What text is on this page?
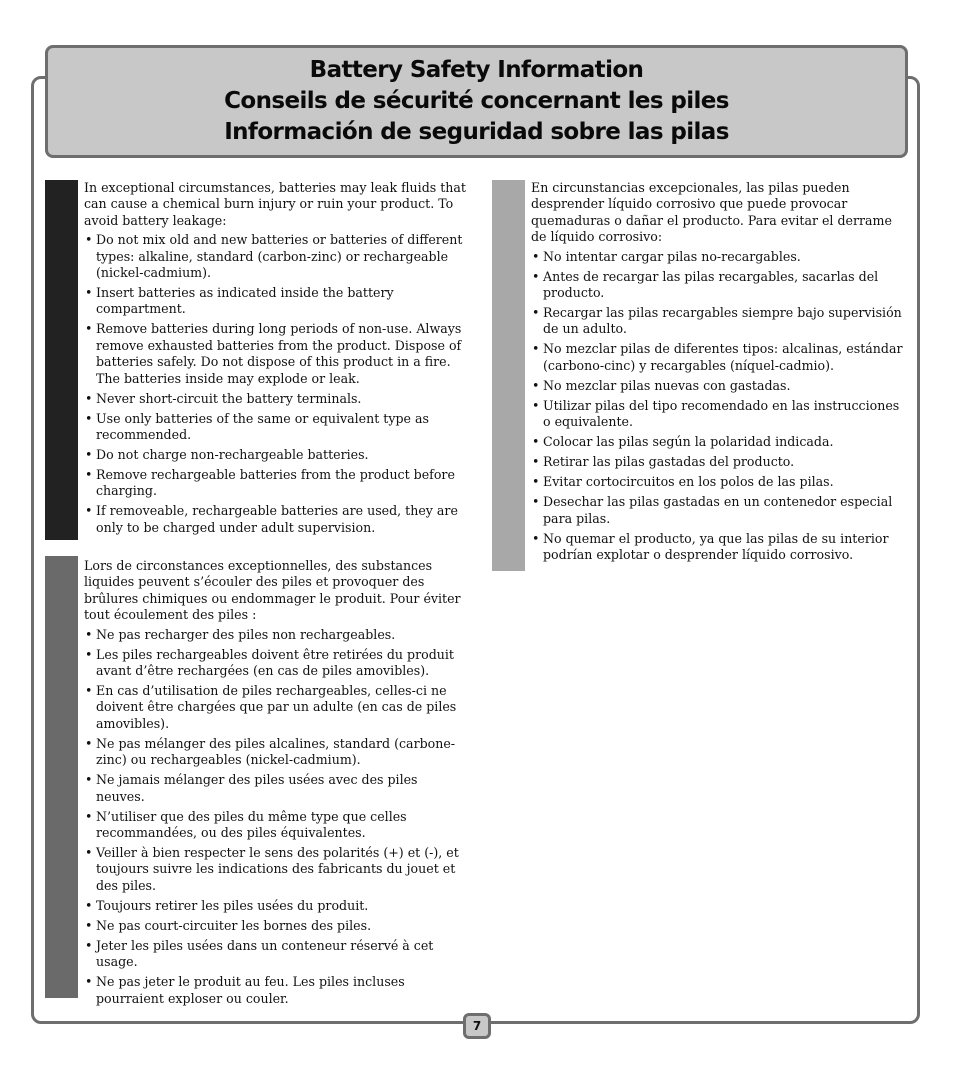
Battery Safety Information
Conseils de sécurité concernant les piles
Información de seguridad sobre las pilas

In exceptional circumstances, batteries may leak fluids that can cause a chemical burn injury or ruin your product. To avoid battery leakage:

• Do not mix old and new batteries or batteries of different types: alkaline, standard (carbon-zinc) or rechargeable (nickel-cadmium).
• Insert batteries as indicated inside the battery compartment.
• Remove batteries during long periods of non-use. Always remove exhausted batteries from the product. Dispose of batteries safely. Do not dispose of this product in a fire. The batteries inside may explode or leak.
• Never short-circuit the battery terminals.
• Use only batteries of the same or equivalent type as recommended.
• Do not charge non-rechargeable batteries.
• Remove rechargeable batteries from the product before charging.
• If removeable, rechargeable batteries are used, they are only to be charged under adult supervision.

Lors de circonstances exceptionnelles, des substances liquides peuvent s’écouler des piles et provoquer des brûlures chimiques ou endommager le produit. Pour éviter tout écoulement des piles :

• Ne pas recharger des piles non rechargeables.
• Les piles rechargeables doivent être retirées du produit avant d’être rechargées (en cas de piles amovibles).
• En cas d’utilisation de piles rechargeables, celles-ci ne doivent être chargées que par un adulte (en cas de piles amovibles).
• Ne pas mélanger des piles alcalines, standard (carbone-zinc) ou rechargeables (nickel-cadmium).
• Ne jamais mélanger des piles usées avec des piles neuves.
• N’utiliser que des piles du même type que celles recommandées, ou des piles équivalentes.
• Veiller à bien respecter le sens des polarités (+) et (-), et toujours suivre les indications des fabricants du jouet et des piles.
• Toujours retirer les piles usées du produit.
• Ne pas court-circuiter les bornes des piles.
• Jeter les piles usées dans un conteneur réservé à cet usage.
• Ne pas jeter le produit au feu. Les piles incluses pourraient exploser ou couler.

En circunstancias excepcionales, las pilas pueden desprender líquido corrosivo que puede provocar quemaduras o dañar el producto. Para evitar el derrame de líquido corrosivo:

• No intentar cargar pilas no-recargables.
• Antes de recargar las pilas recargables, sacarlas del producto.
• Recargar las pilas recargables siempre bajo supervisión de un adulto.
• No mezclar pilas de diferentes tipos: alcalinas, estándar (carbono-cinc) y recargables (níquel-cadmio).
• No mezclar pilas nuevas con gastadas.
• Utilizar pilas del tipo recomendado en las instrucciones o equivalente.
• Colocar las pilas según la polaridad indicada.
• Retirar las pilas gastadas del producto.
• Evitar cortocircuitos en los polos de las pilas.
• Desechar las pilas gastadas en un contenedor especial para pilas.
• No quemar el producto, ya que las pilas de su interior podrían explotar o desprender líquido corrosivo.
7
